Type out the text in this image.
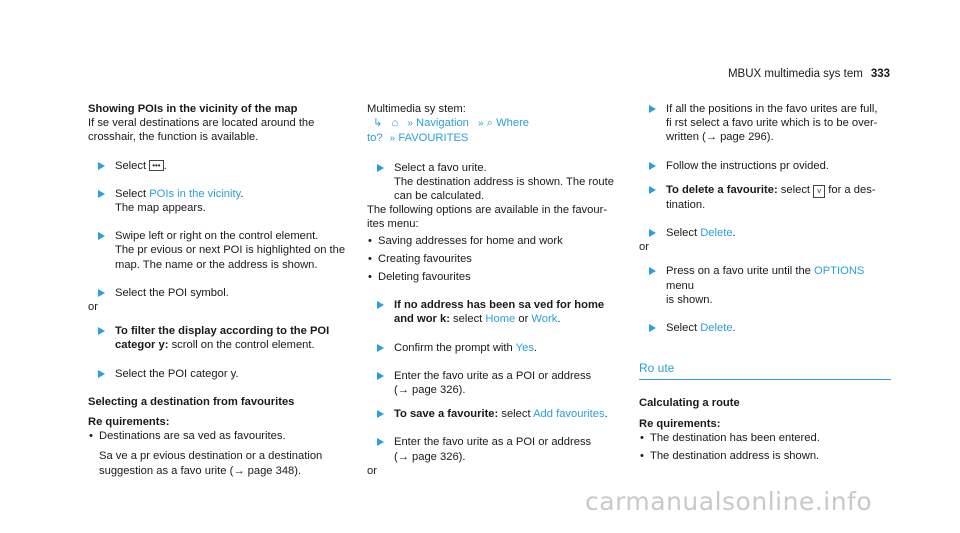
MBUX multimedia sys tem 333

Showing POIs in the vicinity of the map

If se veral destinations are located around the

crosshair, the function is available.

Select ••• .
Select POIs in the vicinity.
The map appears.
Swipe left or right on the control element.
The pr evious or next POI is highlighted on the
map. The name or the address is shown.
Select the POI symbol.

or

To filter the display according to the POI
categor y: scroll on the control element.
Select the POI categor y.

Selecting a destination from favourites

Re quirements:

• Destinations are sa ved as favourites.
Sa ve a pr evious destination or a destination
suggestion as a favo urite (→ page 348).

Multimedia sy stem:

↳ ⌂ » Navigation » ⌕ Where

to? » FAVOURITES

Select a favo urite.
The destination address is shown. The route
can be calculated.

The following options are available in the favour-

ites menu:

• Saving addresses for home and work
• Creating favourites
• Deleting favourites
If no address has been sa ved for home
and wor k: select Home or Work.
Confirm the prompt with Yes.
Enter the favo urite as a POI or address
(→ page 326).
To save a favourite: select Add favourites.
Enter the favo urite as a POI or address
(→ page 326).

or

If all the positions in the favo urites are full,
fi rst select a favo urite which is to be over-
written (→ page 296).
Follow the instructions pr ovided.
To delete a favourite: select ˅ for a des-
tination.
Select Delete.

or

Press on a favo urite until the OPTIONS menu
is shown.
Select Delete.

Ro ute

Calculating a route

Re quirements:

• The destination has been entered.
• The destination address is shown.
carmanualsonline.info
